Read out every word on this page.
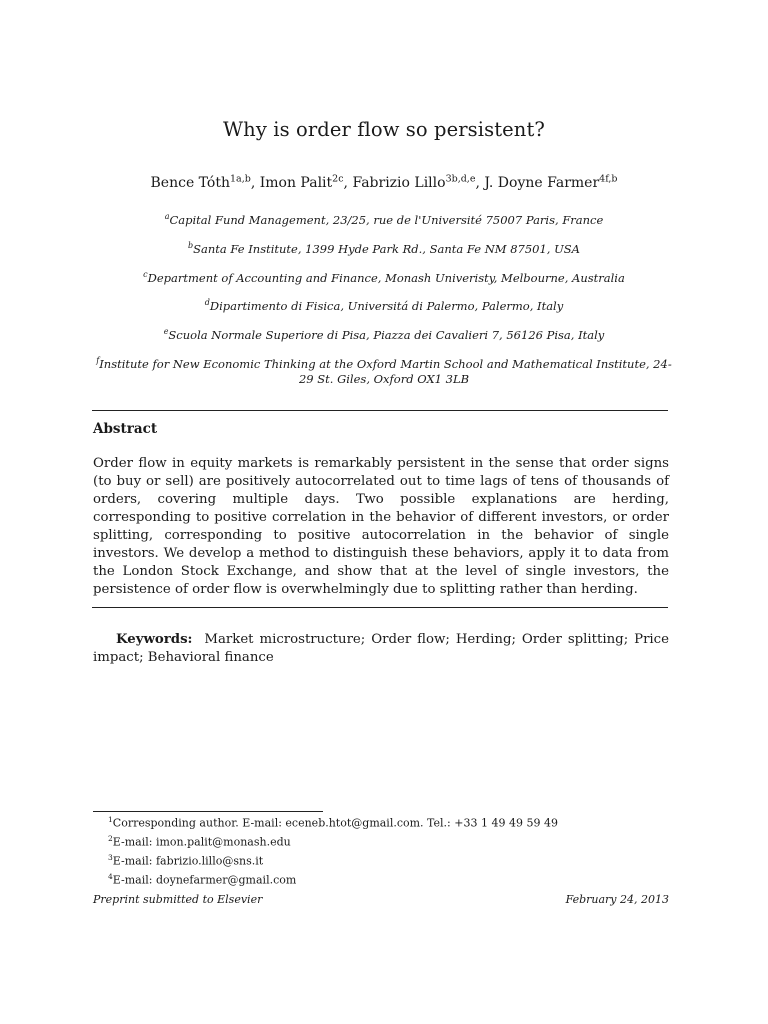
Why is order flow so persistent?
Bence Tóth$^{1a,b}$, Imon Palit$^{2c}$, Fabrizio Lillo$^{3b,d,e}$, J. Doyne Farmer$^{4f,b}$
$^a$Capital Fund Management, 23/25, rue de l'Université 75007 Paris, France
$^b$Santa Fe Institute, 1399 Hyde Park Rd., Santa Fe NM 87501, USA
$^c$Department of Accounting and Finance, Monash Univeristy, Melbourne, Australia
$^d$Dipartimento di Fisica, Universitá di Palermo, Palermo, Italy
$^e$Scuola Normale Superiore di Pisa, Piazza dei Cavalieri 7, 56126 Pisa, Italy
$^f$Institute for New Economic Thinking at the Oxford Martin School and Mathematical Institute, 24-29 St. Giles, Oxford OX1 3LB
Abstract
Order flow in equity markets is remarkably persistent in the sense that order signs (to buy or sell) are positively autocorrelated out to time lags of tens of thousands of orders, covering multiple days. Two possible explanations are herding, corresponding to positive correlation in the behavior of different investors, or order splitting, corresponding to positive autocorrelation in the behavior of single investors. We develop a method to distinguish these behaviors, apply it to data from the London Stock Exchange, and show that at the level of single investors, the persistence of order flow is overwhelmingly due to splitting rather than herding.
Keywords: Market microstructure; Order flow; Herding; Order splitting; Price impact; Behavioral finance
$^1$Corresponding author. E-mail: eceneb.htot@gmail.com. Tel.: +33 1 49 49 59 49
$^2$E-mail: imon.palit@monash.edu
$^3$E-mail: fabrizio.lillo@sns.it
$^4$E-mail: doynefarmer@gmail.com
Preprint submitted to Elsevier	February 24, 2013
